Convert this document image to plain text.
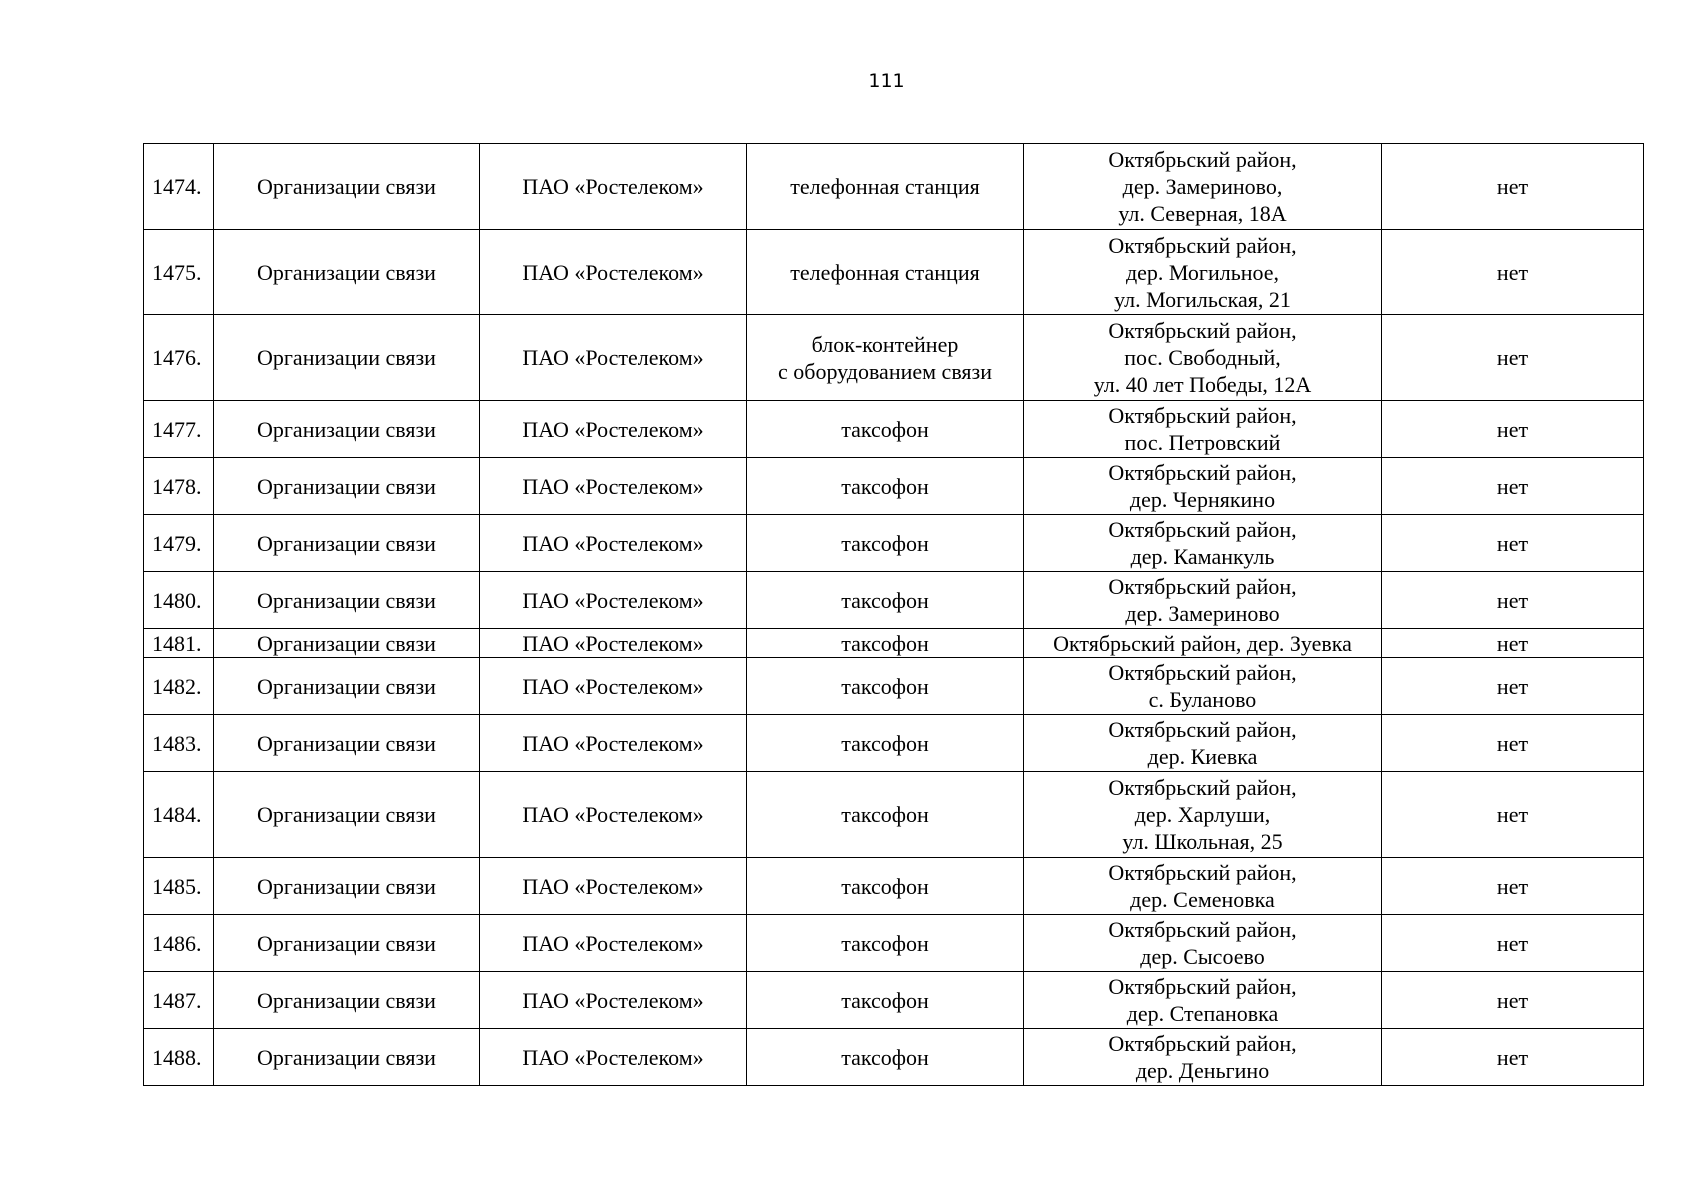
111
1474.	Организации связи	ПАО «Ростелеком»	телефонная станция	Октябрьский район,
дер. Замериново,
ул. Северная, 18А	нет
1475.	Организации связи	ПАО «Ростелеком»	телефонная станция	Октябрьский район,
дер. Могильное,
ул. Могильская, 21	нет
1476.	Организации связи	ПАО «Ростелеком»	блок-контейнер
с оборудованием связи	Октябрьский район,
пос. Свободный,
ул. 40 лет Победы, 12А	нет
1477.	Организации связи	ПАО «Ростелеком»	таксофон	Октябрьский район,
пос. Петровский	нет
1478.	Организации связи	ПАО «Ростелеком»	таксофон	Октябрьский район,
дер. Чернякино	нет
1479.	Организации связи	ПАО «Ростелеком»	таксофон	Октябрьский район,
дер. Каманкуль	нет
1480.	Организации связи	ПАО «Ростелеком»	таксофон	Октябрьский район,
дер. Замериново	нет
1481.	Организации связи	ПАО «Ростелеком»	таксофон	Октябрьский район, дер. Зуевка	нет
1482.	Организации связи	ПАО «Ростелеком»	таксофон	Октябрьский район,
с. Буланово	нет
1483.	Организации связи	ПАО «Ростелеком»	таксофон	Октябрьский район,
дер. Киевка	нет
1484.	Организации связи	ПАО «Ростелеком»	таксофон	Октябрьский район,
дер. Харлуши,
ул. Школьная, 25	нет
1485.	Организации связи	ПАО «Ростелеком»	таксофон	Октябрьский район,
дер. Семеновка	нет
1486.	Организации связи	ПАО «Ростелеком»	таксофон	Октябрьский район,
дер. Сысоево	нет
1487.	Организации связи	ПАО «Ростелеком»	таксофон	Октябрьский район,
дер. Степановка	нет
1488.	Организации связи	ПАО «Ростелеком»	таксофон	Октябрьский район,
дер. Деньгино	нет
